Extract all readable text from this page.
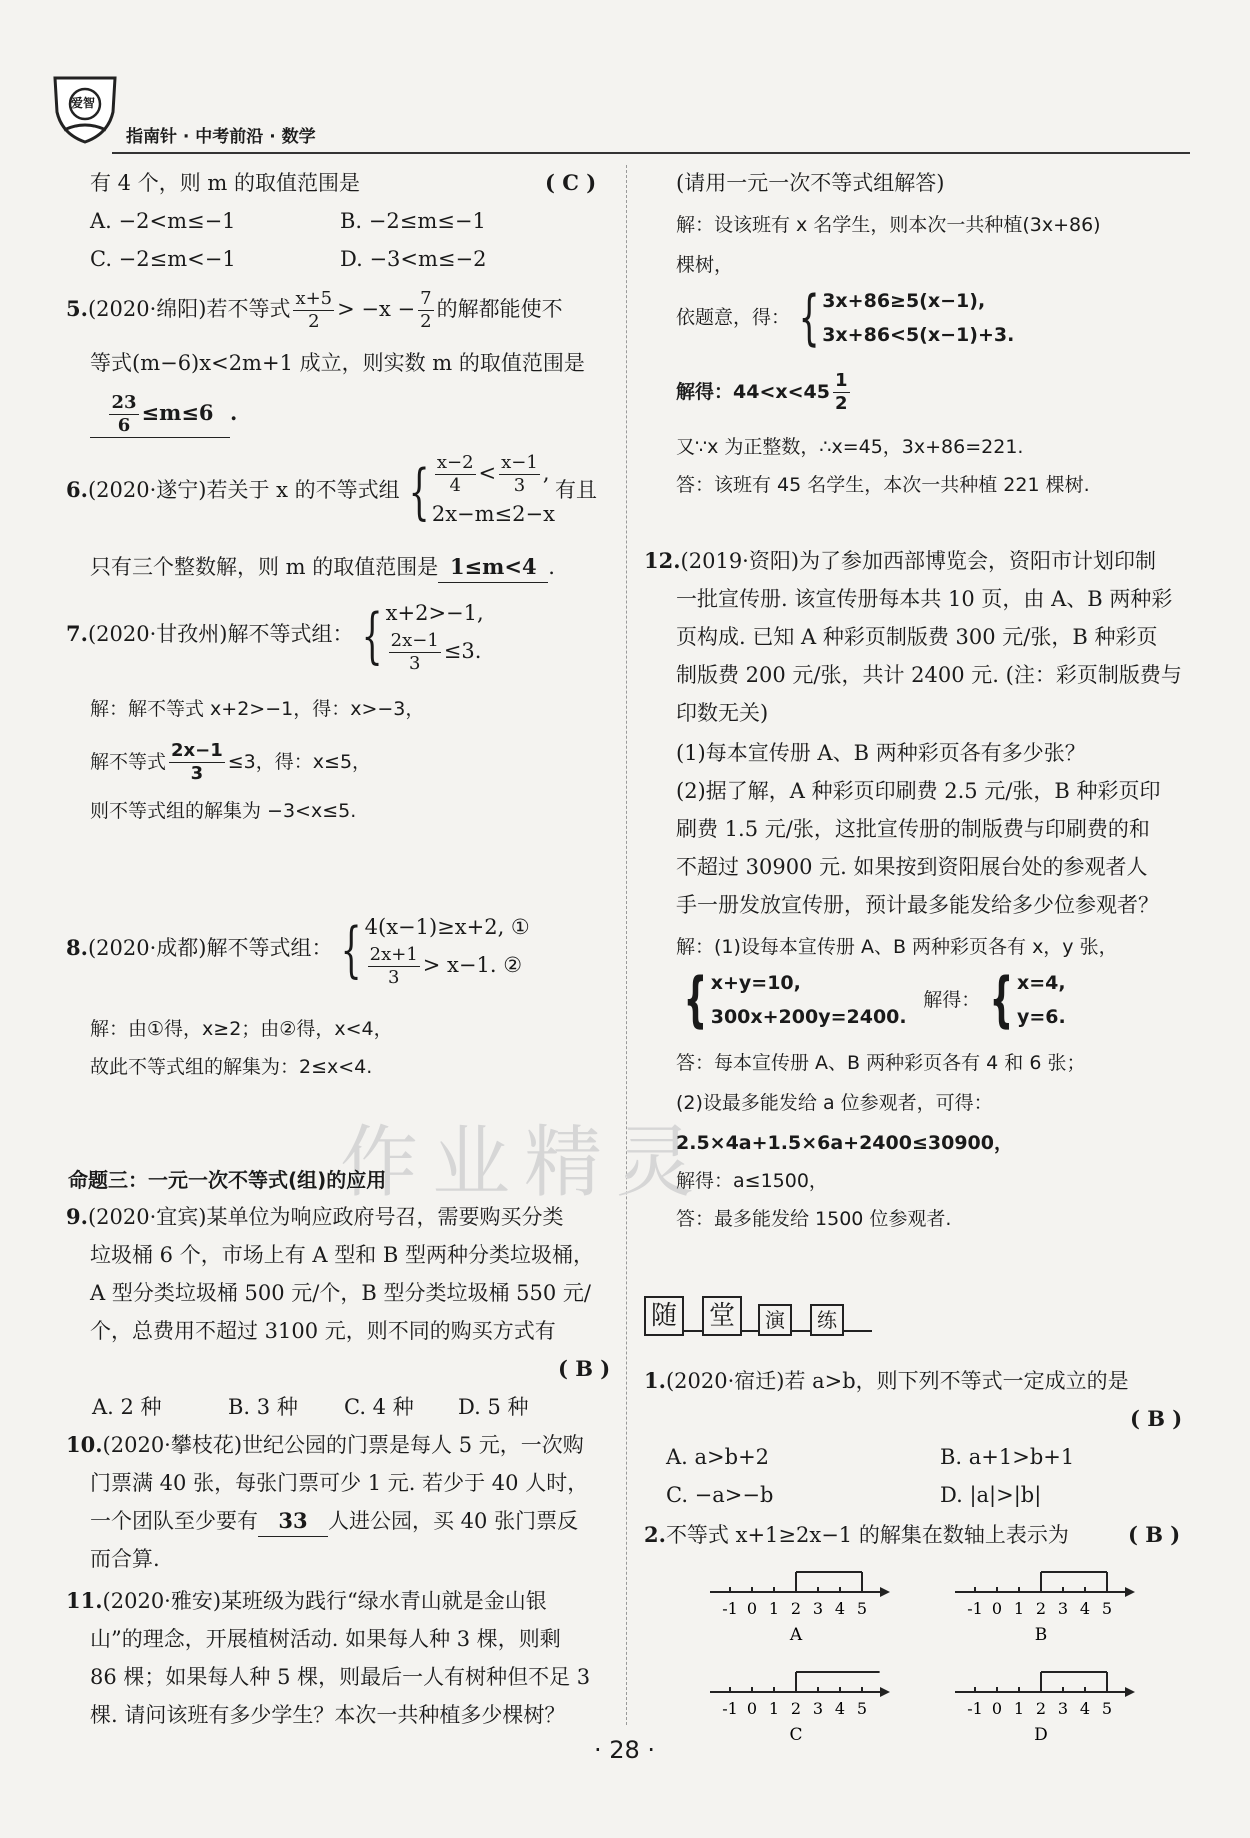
爱智
指南针 · 中考前沿 · 数学
作业精灵
有 4 个，则 m 的取值范围是	( C )
A. −2<m≤−1	B. −2≤m≤−1
C. −2≤m<−1	D. −3<m≤−2
5.(2020·绵阳)若不等式 $\frac{x+5}{2} > -x - \frac{7}{2}$ 的解都能使不
等式(m−6)x<2m+1 成立，则实数 m 的取值范围是
$\frac{23}{6} \le m\le 6$ .
6.(2020·遂宁)若关于 x 的不等式组 { $\frac{x-2}{4} < \frac{x-1}{3}$ ,
2x−m≤2−x
有且
只有三个整数解，则 m 的取值范围是 1≤m<4 .
7.(2020·甘孜州)解不等式组： { x+2>−1,
$\frac{2x-1}{3} \le 3$.
解：解不等式 x+2>−1，得：x>−3，
解不等式 $\frac{2x-1}{3} \le 3$，得：x≤5，
则不等式组的解集为 −3<x≤5.
8.(2020·成都)解不等式组： { 4(x−1)≥x+2, ①
$\frac{2x+1}{3} > x-1$. ②
解：由①得，x≥2；由②得，x<4，
故此不等式组的解集为：2≤x<4.
命题三：一元一次不等式(组)的应用
9.(2020·宜宾)某单位为响应政府号召，需要购买分类
垃圾桶 6 个，市场上有 A 型和 B 型两种分类垃圾桶，
A 型分类垃圾桶 500 元/个，B 型分类垃圾桶 550 元/
个，总费用不超过 3100 元，则不同的购买方式有
( B )
A. 2 种	B. 3 种 C. 4 种 D. 5 种
10.(2020·攀枝花)世纪公园的门票是每人 5 元，一次购
门票满 40 张，每张门票可少 1 元. 若少于 40 人时，
一个团队至少要有 33 人进公园，买 40 张门票反
而合算.
11.(2020·雅安)某班级为践行“绿水青山就是金山银
山”的理念，开展植树活动. 如果每人种 3 棵，则剩
86 棵；如果每人种 5 棵，则最后一人有树种但不足 3
棵. 请问该班有多少学生？本次一共种植多少棵树？
(请用一元一次不等式组解答)
解：设该班有 x 名学生，则本次一共种植(3x+86)
棵树，
依题意，得： { 3x+86≥5(x−1),
3x+86<5(x−1)+3.
解得：$44<x<45 \frac{1}{2}$
又∵x 为正整数，∴x=45，3x+86=221.
答：该班有 45 名学生，本次一共种植 221 棵树.
12.(2019·资阳)为了参加西部博览会，资阳市计划印制
一批宣传册. 该宣传册每本共 10 页，由 A、B 两种彩
页构成. 已知 A 种彩页制版费 300 元/张，B 种彩页
制版费 200 元/张，共计 2400 元. (注：彩页制版费与
印数无关)
(1)每本宣传册 A、B 两种彩页各有多少张？
(2)据了解，A 种彩页印刷费 2.5 元/张，B 种彩页印
刷费 1.5 元/张，这批宣传册的制版费与印刷费的和
不超过 30900 元. 如果按到资阳展台处的参观者人
手一册发放宣传册，预计最多能发给多少位参观者？
解：(1)设每本宣传册 A、B 两种彩页各有 x，y 张，
{ x+y=10,
300x+200y=2400.
解得： { x=4,
y=6.
答：每本宣传册 A、B 两种彩页各有 4 和 6 张；
(2)设最多能发给 a 位参观者，可得：
2.5×4a+1.5×6a+2400≤30900，
解得：a≤1500，
答：最多能发给 1500 位参观者.
随 堂	演	练
1.(2020·宿迁)若 a>b，则下列不等式一定成立的是
( B )
A. a>b+2	B. a+1>b+1
C. −a>−b	D. |a|>|b|
2.不等式 x+1≥2x−1 的解集在数轴上表示为	( B )
-1 0 1 2 3 4 5
A
-1 0 1 2 3 4 5
B
-1 0 1 2 3 4 5
C
-1 0 1 2 3 4 5
D
· 28 ·
